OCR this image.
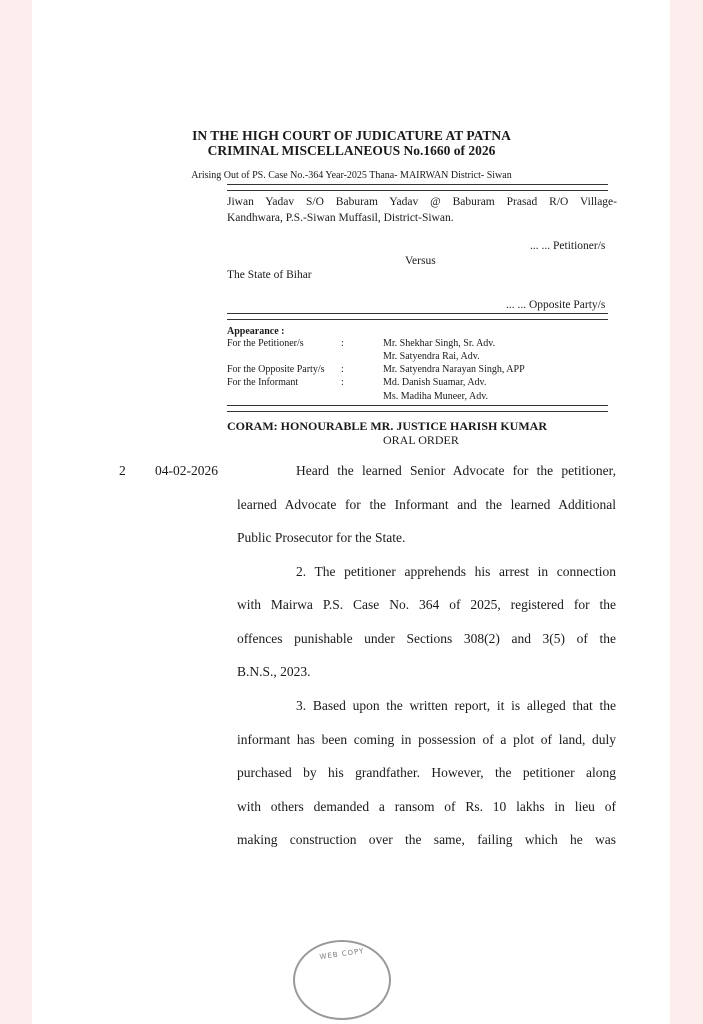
IN THE HIGH COURT OF JUDICATURE AT PATNA
CRIMINAL MISCELLANEOUS No.1660 of 2026
Arising Out of PS. Case No.-364 Year-2025 Thana- MAIRWAN District- Siwan
Jiwan Yadav S/O Baburam Yadav @ Baburam Prasad R/O Village-
Kandhwara, P.S.-Siwan Muffasil, District-Siwan.
... ... Petitioner/s
Versus
The State of Bihar
... ... Opposite Party/s
Appearance :
For the Petitioner/s	:	Mr. Shekhar Singh, Sr. Adv.
Mr. Satyendra Rai, Adv.
For the Opposite Party/s :	Mr. Satyendra Narayan Singh, APP
For the Informant	:	Md. Danish Suamar, Adv.
Ms. Madiha Muneer, Adv.
CORAM: HONOURABLE MR. JUSTICE HARISH KUMAR
ORAL ORDER
2 04-02-2026	Heard the learned Senior Advocate for the petitioner,
learned Advocate for the Informant and the learned Additional
Public Prosecutor for the State.
2. The petitioner apprehends his arrest in connection
with Mairwa P.S. Case No. 364 of 2025, registered for the
offences punishable under Sections 308(2) and 3(5) of the
B.N.S., 2023.
3. Based upon the written report, it is alleged that the
informant has been coming in possession of a plot of land, duly
purchased by his grandfather. However, the petitioner along
with others demanded a ransom of Rs. 10 lakhs in lieu of
making construction over the same, failing which he was
WEB COPY
